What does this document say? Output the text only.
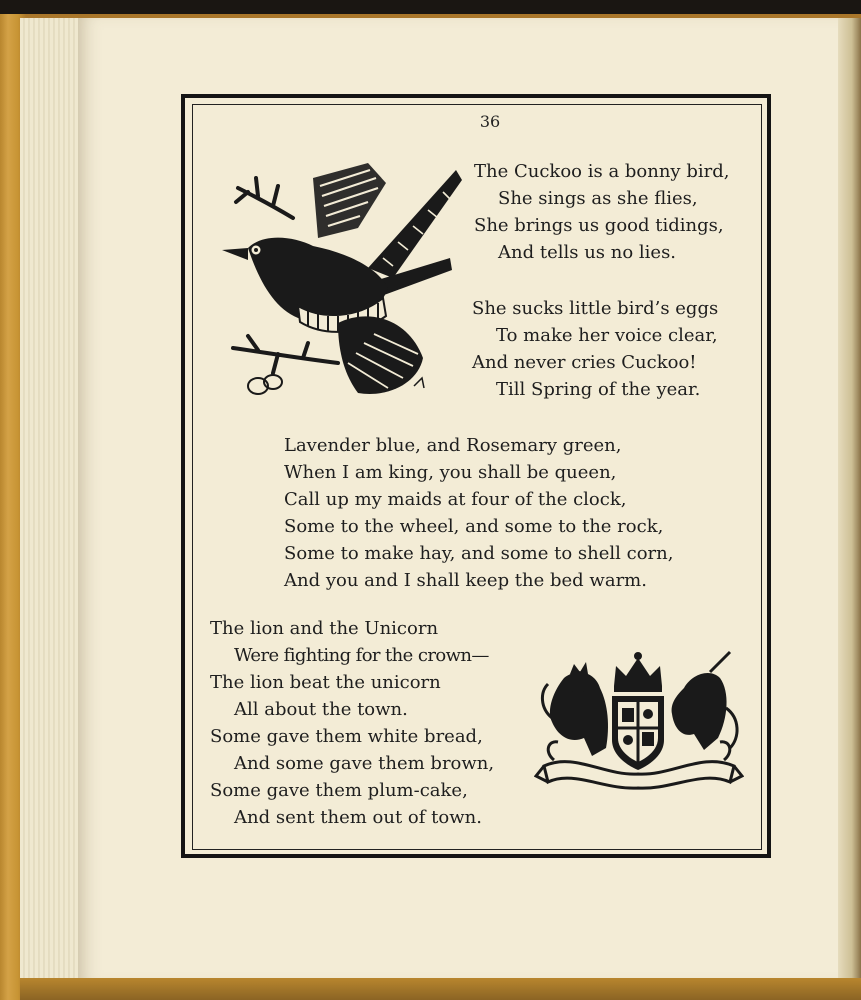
36

The Cuckoo is a bonny bird,
She sings as she flies,
She brings us good tidings,
And tells us no lies.

She sucks little bird’s eggs
To make her voice clear,
And never cries Cuckoo!
Till Spring of the year.

Lavender blue, and Rosemary green,
When I am king, you shall be queen,
Call up my maids at four of the clock,
Some to the wheel, and some to the rock,
Some to make hay, and some to shell corn,
And you and I shall keep the bed warm.

The lion and the Unicorn
Were fighting for the crown—
The lion beat the unicorn
All about the town.
Some gave them white bread,
And some gave them brown,
Some gave them plum-cake,
And sent them out of town.
